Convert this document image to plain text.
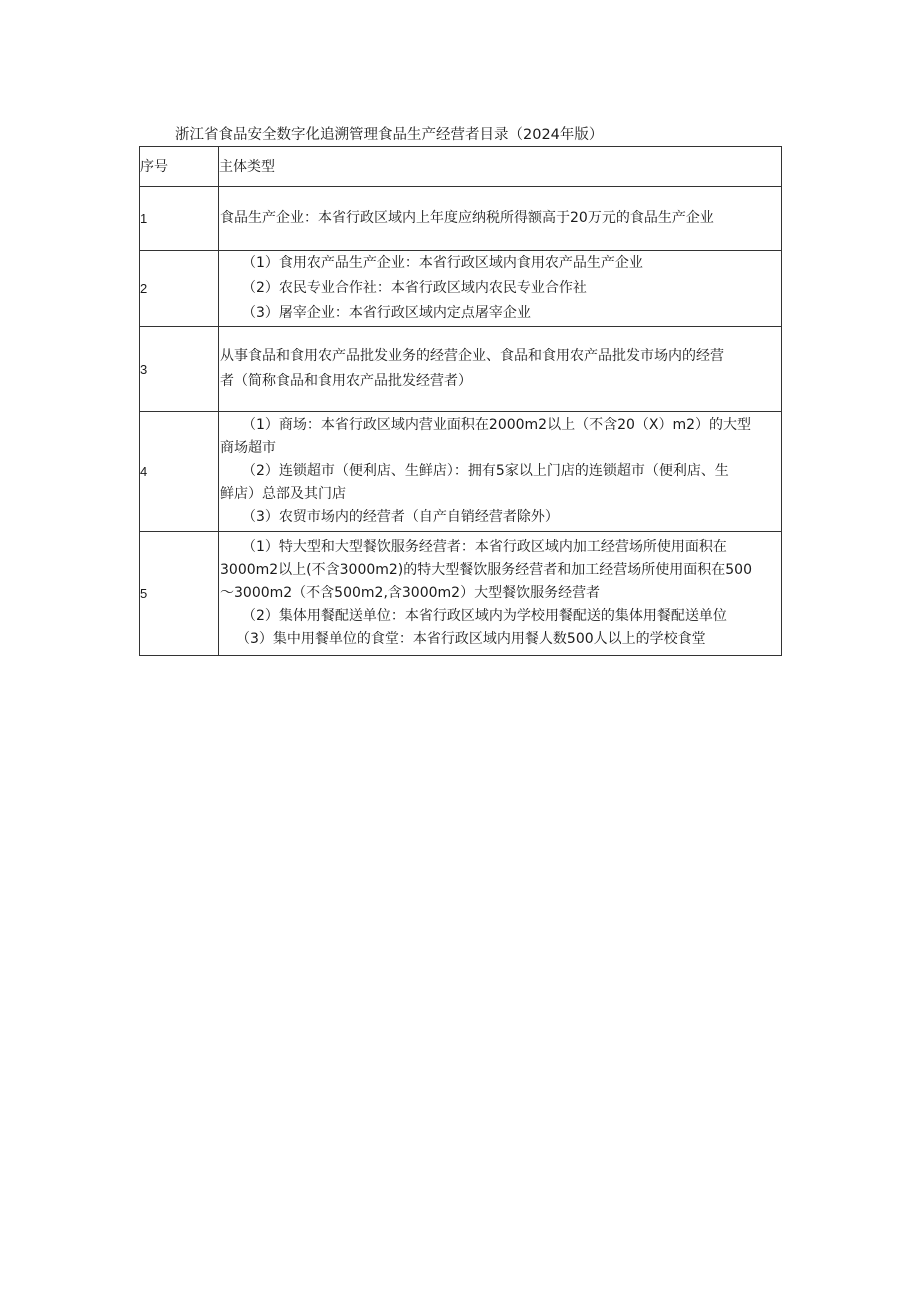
浙江省食品安全数字化追溯管理食品生产经营者目录（2024年版）
序号	主体类型
1	食品生产企业：本省行政区域内上年度应纳税所得额高于20万元的食品生产企业

2	（1）食用农产品生产企业：本省行政区域内食用农产品生产企业
（2）农民专业合作社：本省行政区域内农民专业合作社
（3）屠宰企业：本省行政区域内定点屠宰企业

3	从事食品和食用农产品批发业务的经营企业、食品和食用农产品批发市场内的经营
者（简称食品和食用农产品批发经营者）

4	（1）商场：本省行政区域内营业面积在2000m2以上（不含20（X）m2）的大型
商场超市
（2）连锁超市（便利店、生鲜店）：拥有5家以上门店的连锁超市（便利店、生
鲜店）总部及其门店
（3）农贸市场内的经营者（自产自销经营者除外）

5	（1）特大型和大型餐饮服务经营者：本省行政区域内加工经营场所使用面积在
3000m2以上(不含3000m2)的特大型餐饮服务经营者和加工经营场所使用面积在500
～3000m2（不含500m2,含3000m2）大型餐饮服务经营者
（2）集体用餐配送单位：本省行政区域内为学校用餐配送的集体用餐配送单位
（3）集中用餐单位的食堂：本省行政区域内用餐人数500人以上的学校食堂
